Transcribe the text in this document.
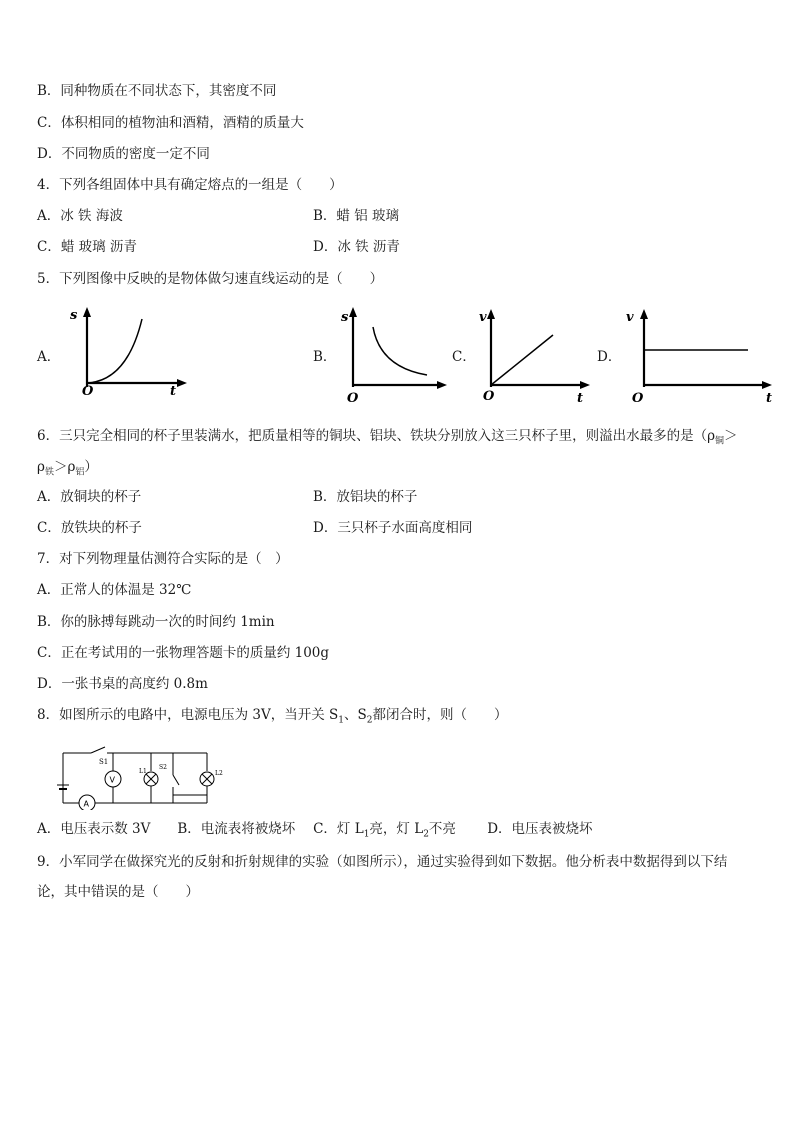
B．同种物质在不同状态下，其密度不同
C．体积相同的植物油和酒精，酒精的质量大
D．不同物质的密度一定不同
4．下列各组固体中具有确定熔点的一组是（　　）
A．冰 铁 海波	B．蜡 铝 玻璃
C．蜡 玻璃 沥青	D．冰 铁 沥青
5．下列图像中反映的是物体做匀速直线运动的是（　　）
A．
s
t
O
B．
s
O
C．
v
t
O
D．
v
t
O
6．三只完全相同的杯子里装满水，把质量相等的铜块、铝块、铁块分别放入这三只杯子里，则溢出水最多的是（$\rho_铜>$
$\rho_铁>\rho_铝$）
A．放铜块的杯子	B．放铝块的杯子
C．放铁块的杯子	D．三只杯子水面高度相同
7．对下列物理量估测符合实际的是（　）
A．正常人的体温是 32℃
B．你的脉搏每跳动一次的时间约 1min
C．正在考试用的一张物理答题卡的质量约 100g
D．一张书桌的高度约 0.8m
8．如图所示的电路中，电源电压为 3V，当开关 $S_1$、$S_2$都闭合时，则（　　）
S1
A
V
L1
S2
L2
A．电压表示数 3V　　B．电流表将被烧坏　 C．灯 $L_1$亮，灯 $L_2$不亮　　 D．电压表被烧坏
9．小军同学在做探究光的反射和折射规律的实验（如图所示），通过实验得到如下数据。他分析表中数据得到以下结
论，其中错误的是（　　）
